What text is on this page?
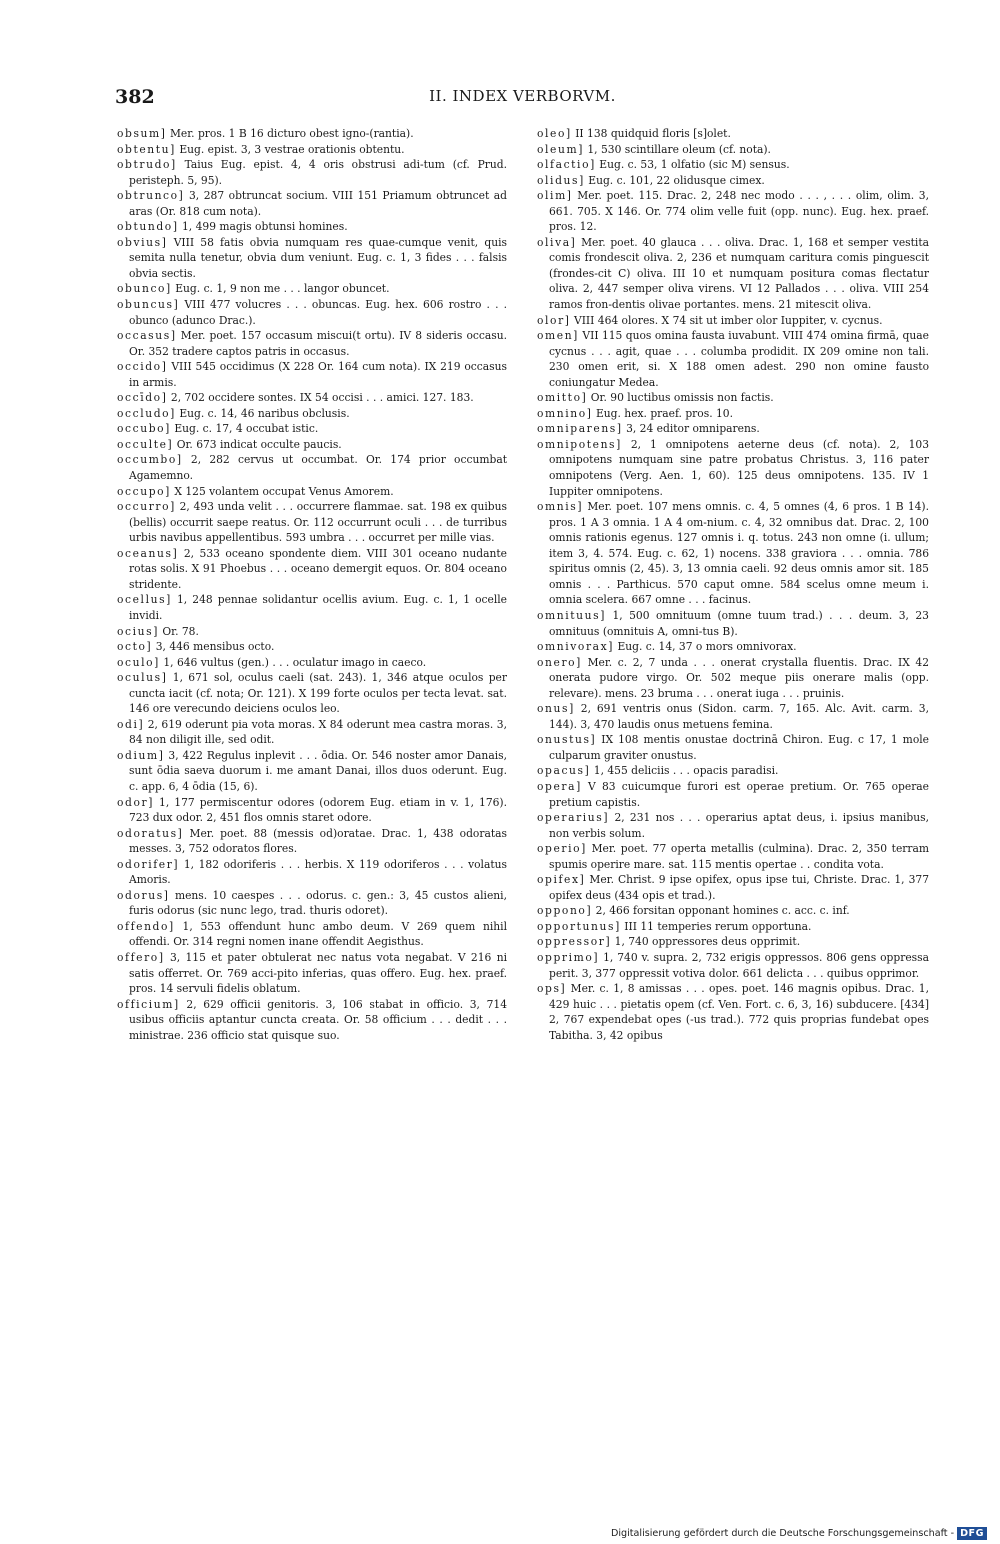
382	II. INDEX VERBORVM.

obsum] Mer. pros. 1 B 16 dicturo obest igno-(rantia).

obtentu] Eug. epist. 3, 3 vestrae orationis obtentu.

obtrudo] Taius Eug. epist. 4, 4 oris obstrusi adi-tum (cf. Prud. peristeph. 5, 95).

obtrunco] 3, 287 obtruncat socium. VIII 151 Priamum obtruncet ad aras (Or. 818 cum nota).

obtundo] 1, 499 magis obtunsi homines.

obvius] VIII 58 fatis obvia numquam res quae-cumque venit, quis semita nulla tenetur, obvia dum veniunt. Eug. c. 1, 3 fides . . . falsis obvia sectis.

obunco] Eug. c. 1, 9 non me . . . langor obuncet.

obuncus] VIII 477 volucres . . . obuncas. Eug. hex. 606 rostro . . . obunco (adunco Drac.).

occasus] Mer. poet. 157 occasum miscui(t ortu). IV 8 sideris occasu. Or. 352 tradere captos patris in occasus.

occido] VIII 545 occidimus (X 228 Or. 164 cum nota). IX 219 occasus in armis.

occīdo] 2, 702 occidere sontes. IX 54 occisi . . . amici. 127. 183.

occludo] Eug. c. 14, 46 naribus obclusis.

occubo] Eug. c. 17, 4 occubat istic.

occulte] Or. 673 indicat occulte paucis.

occumbo] 2, 282 cervus ut occumbat. Or. 174 prior occumbat Agamemno.

occupo] X 125 volantem occupat Venus Amorem.

occurro] 2, 493 unda velit . . . occurrere flammae. sat. 198 ex quibus (bellis) occurrit saepe reatus. Or. 112 occurrunt oculi . . . de turribus urbis navibus appellentibus. 593 umbra . . . occurret per mille vias.

oceanus] 2, 533 oceano spondente diem. VIII 301 oceano nudante rotas solis. X 91 Phoebus . . . oceano demergit equos. Or. 804 oceano stridente.

ocellus] 1, 248 pennae solidantur ocellis avium. Eug. c. 1, 1 ocelle invidi.

ocius] Or. 78.

octo] 3, 446 mensibus octo.

oculo] 1, 646 vultus (gen.) . . . oculatur imago in caeco.

oculus] 1, 671 sol, oculus caeli (sat. 243). 1, 346 atque oculos per cuncta iacit (cf. nota; Or. 121). X 199 forte oculos per tecta levat. sat. 146 ore verecundo deiciens oculos leo.

odi] 2, 619 oderunt pia vota moras. X 84 oderunt mea castra moras. 3, 84 non diligit ille, sed odit.

odium] 3, 422 Regulus inplevit . . . ōdia. Or. 546 noster amor Danais, sunt ōdia saeva duorum i. me amant Danai, illos duos oderunt. Eug. c. app. 6, 4 ōdia (15, 6).

odor] 1, 177 permiscentur odores (odorem Eug. etiam in v. 1, 176). 723 dux odor. 2, 451 flos omnis staret odore.

odoratus] Mer. poet. 88 (messis od)oratae. Drac. 1, 438 odoratas messes. 3, 752 odoratos flores.

odorifer] 1, 182 odoriferis . . . herbis. X 119 odoriferos . . . volatus Amoris.

odorus] mens. 10 caespes . . . odorus. c. gen.: 3, 45 custos alieni, furis odorus (sic nunc lego, trad. thuris odoret).

offendo] 1, 553 offendunt hunc ambo deum. V 269 quem nihil offendi. Or. 314 regni nomen inane offendit Aegisthus.

offero] 3, 115 et pater obtulerat nec natus vota negabat. V 216 ni satis offerret. Or. 769 acci-pito inferias, quas offero. Eug. hex. praef. pros. 14 servuli fidelis oblatum.

officium] 2, 629 officii genitoris. 3, 106 stabat in officio. 3, 714 usibus officiis aptantur cuncta creata. Or. 58 officium . . . dedit . . . ministrae. 236 officio stat quisque suo.

oleo] II 138 quidquid floris [s]olet.

oleum] 1, 530 scintillare oleum (cf. nota).

olfactio] Eug. c. 53, 1 olfatio (sic M) sensus.

olidus] Eug. c. 101, 22 olidusque cimex.

olim] Mer. poet. 115. Drac. 2, 248 nec modo . . . , . . . olim, olim. 3, 661. 705. X 146. Or. 774 olim velle fuit (opp. nunc). Eug. hex. praef. pros. 12.

oliva] Mer. poet. 40 glauca . . . oliva. Drac. 1, 168 et semper vestita comis frondescit oliva. 2, 236 et numquam caritura comis pinguescit (frondes-cit C) oliva. III 10 et numquam positura comas flectatur oliva. 2, 447 semper oliva virens. VI 12 Pallados . . . oliva. VIII 254 ramos fron-dentis olivae portantes. mens. 21 mitescit oliva.

olor] VIII 464 olores. X 74 sit ut imber olor Iuppiter, v. cycnus.

omen] VII 115 quos omina fausta iuvabunt. VIII 474 omina firmā, quae cycnus . . . agit, quae . . . columba prodidit. IX 209 omine non tali. 230 omen erit, si. X 188 omen adest. 290 non omine fausto coniungatur Medea.

omitto] Or. 90 luctibus omissis non factis.

omnino] Eug. hex. praef. pros. 10.

omniparens] 3, 24 editor omniparens.

omnipotens] 2, 1 omnipotens aeterne deus (cf. nota). 2, 103 omnipotens numquam sine patre probatus Christus. 3, 116 pater omnipotens (Verg. Aen. 1, 60). 125 deus omnipotens. 135. IV 1 Iuppiter omnipotens.

omnis] Mer. poet. 107 mens omnis. c. 4, 5 omnes (4, 6 pros. 1 B 14). pros. 1 A 3 omnia. 1 A 4 om-nium. c. 4, 32 omnibus dat. Drac. 2, 100 omnis rationis egenus. 127 omnis i. q. totus. 243 non omne (i. ullum; item 3, 4. 574. Eug. c. 62, 1) nocens. 338 graviora . . . omnia. 786 spiritus omnis (2, 45). 3, 13 omnia caeli. 92 deus omnis amor sit. 185 omnis . . . Parthicus. 570 caput omne. 584 scelus omne meum i. omnia scelera. 667 omne . . . facinus.

omnituus] 1, 500 omnituum (omne tuum trad.) . . . deum. 3, 23 omnituus (omnituis A, omni-tus B).

omnivorax] Eug. c. 14, 37 o mors omnivorax.

onero] Mer. c. 2, 7 unda . . . onerat crystalla fluentis. Drac. IX 42 onerata pudore virgo. Or. 502 meque piis onerare malis (opp. relevare). mens. 23 bruma . . . onerat iuga . . . pruinis.

onus] 2, 691 ventris onus (Sidon. carm. 7, 165. Alc. Avit. carm. 3, 144). 3, 470 laudis onus metuens femina.

onustus] IX 108 mentis onustae doctrinā Chiron. Eug. c 17, 1 mole culparum graviter onustus.

opacus] 1, 455 deliciis . . . opacis paradisi.

opera] V 83 cuicumque furori est operae pretium. Or. 765 operae pretium capistis.

operarius] 2, 231 nos . . . operarius aptat deus, i. ipsius manibus, non verbis solum.

operio] Mer. poet. 77 operta metallis (culmina). Drac. 2, 350 terram spumis operire mare. sat. 115 mentis opertae . . condita vota.

opifex] Mer. Christ. 9 ipse opifex, opus ipse tui, Christe. Drac. 1, 377 opifex deus (434 opis et trad.).

oppono] 2, 466 forsitan opponant homines c. acc. c. inf.

opportunus] III 11 temperies rerum opportuna.

oppressor] 1, 740 oppressores deus opprimit.

opprimo] 1, 740 v. supra. 2, 732 erigis oppressos. 806 gens oppressa perit. 3, 377 oppressit votiva dolor. 661 delicta . . . quibus opprimor.

ops] Mer. c. 1, 8 amissas . . . opes. poet. 146 magnis opibus. Drac. 1, 429 huic . . . pietatis opem (cf. Ven. Fort. c. 6, 3, 16) subducere. [434] 2, 767 expendebat opes (-us trad.). 772 quis proprias fundebat opes Tabitha. 3, 42 opibus

Digitalisierung gefördert durch die Deutsche Forschungsgemeinschaft - DFG
